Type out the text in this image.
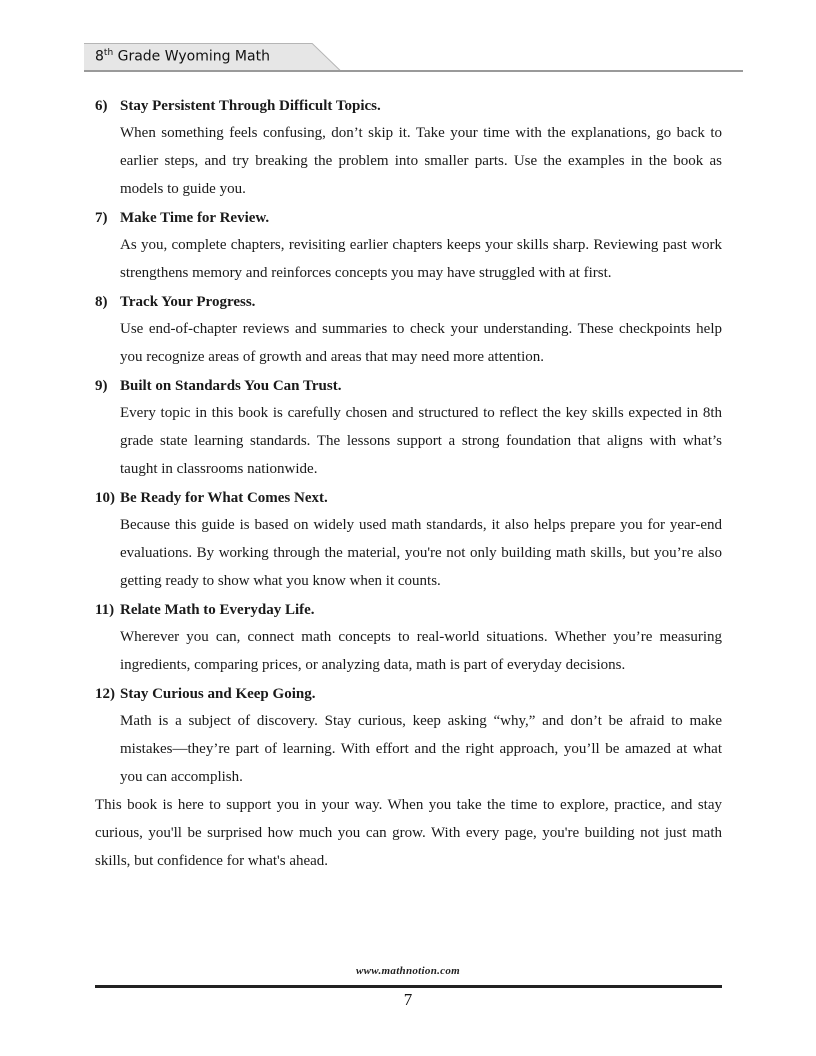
8th Grade Wyoming Math
6) Stay Persistent Through Difficult Topics.
When something feels confusing, don’t skip it. Take your time with the explanations, go back to earlier steps, and try breaking the problem into smaller parts. Use the examples in the book as models to guide you.
7) Make Time for Review.
As you, complete chapters, revisiting earlier chapters keeps your skills sharp. Reviewing past work strengthens memory and reinforces concepts you may have struggled with at first.
8) Track Your Progress.
Use end-of-chapter reviews and summaries to check your understanding. These checkpoints help you recognize areas of growth and areas that may need more attention.
9) Built on Standards You Can Trust.
Every topic in this book is carefully chosen and structured to reflect the key skills expected in 8th grade state learning standards. The lessons support a strong foundation that aligns with what’s taught in classrooms nationwide.
10) Be Ready for What Comes Next.
Because this guide is based on widely used math standards, it also helps prepare you for year-end evaluations. By working through the material, you're not only building math skills, but you’re also getting ready to show what you know when it counts.
11) Relate Math to Everyday Life.
Wherever you can, connect math concepts to real-world situations. Whether you’re measuring ingredients, comparing prices, or analyzing data, math is part of everyday decisions.
12) Stay Curious and Keep Going.
Math is a subject of discovery. Stay curious, keep asking “why,” and don’t be afraid to make mistakes—they’re part of learning. With effort and the right approach, you’ll be amazed at what you can accomplish.
This book is here to support you in your way. When you take the time to explore, practice, and stay curious, you'll be surprised how much you can grow. With every page, you're building not just math skills, but confidence for what's ahead.
www.mathnotion.com
7
